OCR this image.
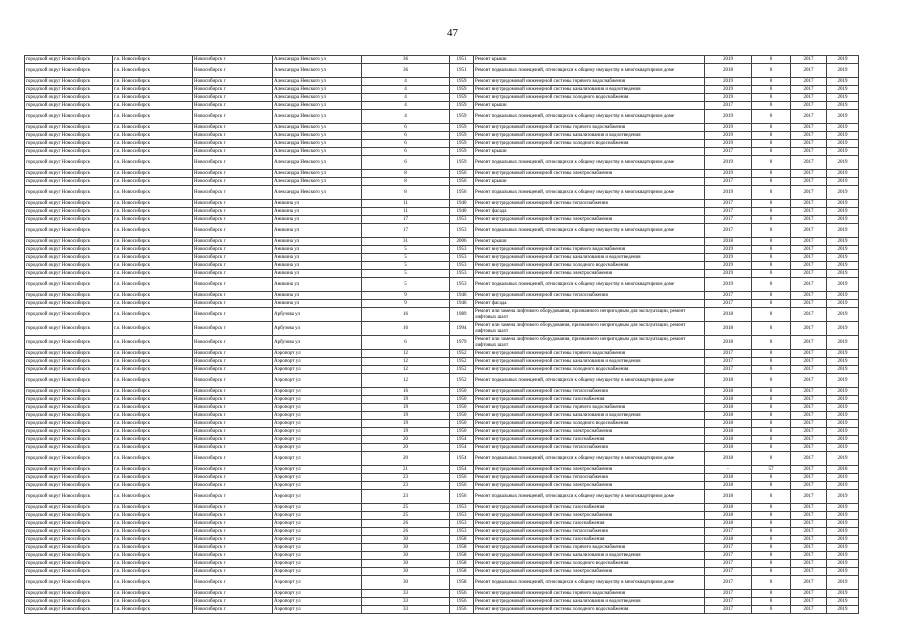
47
городской округ Новосибирск	г.о. Новосибирск	Новосибирск г	Александра Невского ул	36	1951	Ремонт крыши	2019	0	2017	2019
городской округ Новосибирск	г.о. Новосибирск	Новосибирск г	Александра Невского ул	36	1951	Ремонт подвальных помещений, относящихся к общему имуществу в многоквартирном доме	2018	0	2017	2019
городской округ Новосибирск	г.о. Новосибирск	Новосибирск г	Александра Невского ул	4	1959	Ремонт внутридомовой инженерной системы горячего водоснабжения	2019	0	2017	2019
городской округ Новосибирск	г.о. Новосибирск	Новосибирск г	Александра Невского ул	4	1959	Ремонт внутридомовой инженерной системы канализования и водоотведения	2019	0	2017	2019
городской округ Новосибирск	г.о. Новосибирск	Новосибирск г	Александра Невского ул	4	1959	Ремонт внутридомовой инженерной системы холодного водоснабжения	2019	0	2017	2019
городской округ Новосибирск	г.о. Новосибирск	Новосибирск г	Александра Невского ул	4	1959	Ремонт крыши	2017	0	2017	2019
городской округ Новосибирск	г.о. Новосибирск	Новосибирск г	Александра Невского ул	4	1959	Ремонт подвальных помещений, относящихся к общему имуществу в многоквартирном доме	2019	0	2017	2019
городской округ Новосибирск	г.о. Новосибирск	Новосибирск г	Александра Невского ул	6	1959	Ремонт внутридомовой инженерной системы горячего водоснабжения	2019	0	2017	2019
городской округ Новосибирск	г.о. Новосибирск	Новосибирск г	Александра Невского ул	6	1959	Ремонт внутридомовой инженерной системы канализования и водоотведения	2019	0	2017	2019
городской округ Новосибирск	г.о. Новосибирск	Новосибирск г	Александра Невского ул	6	1959	Ремонт внутридомовой инженерной системы холодного водоснабжения	2019	0	2017	2019
городской округ Новосибирск	г.о. Новосибирск	Новосибирск г	Александра Невского ул	6	1959	Ремонт крыши	2017	0	2017	2019
городской округ Новосибирск	г.о. Новосибирск	Новосибирск г	Александра Невского ул	6	1959	Ремонт подвальных помещений, относящихся к общему имуществу в многоквартирном доме	2019	0	2017	2019
городской округ Новосибирск	г.о. Новосибирск	Новосибирск г	Александра Невского ул	8	1956	Ремонт внутридомовой инженерной системы электроснабжения	2019	0	2017	2019
городской округ Новосибирск	г.о. Новосибирск	Новосибирск г	Александра Невского ул	8	1956	Ремонт крыши	2017	0	2017	2019
городской округ Новосибирск	г.о. Новосибирск	Новосибирск г	Александра Невского ул	8	1956	Ремонт подвальных помещений, относящихся к общему имуществу в многоквартирном доме	2019	0	2017	2019
городской округ Новосибирск	г.о. Новосибирск	Новосибирск г	Аникина ул	11	1940	Ремонт внутридомовой инженерной системы теплоснабжения	2017	0	2017	2019
городской округ Новосибирск	г.о. Новосибирск	Новосибирск г	Аникина ул	11	1940	Ремонт фасада	2017	0	2017	2019
городской округ Новосибирск	г.о. Новосибирск	Новосибирск г	Аникина ул	17	1953	Ремонт внутридомовой инженерной системы электроснабжения	2017	0	2017	2019
городской округ Новосибирск	г.о. Новосибирск	Новосибирск г	Аникина ул	17	1953	Ремонт подвальных помещений, относящихся к общему имуществу в многоквартирном доме	2017	0	2017	2019
городской округ Новосибирск	г.о. Новосибирск	Новосибирск г	Аникина ул	31	2006	Ремонт крыши	2018	0	2017	2019
городской округ Новосибирск	г.о. Новосибирск	Новосибирск г	Аникина ул	5	1953	Ремонт внутридомовой инженерной системы горячего водоснабжения	2019	0	2017	2019
городской округ Новосибирск	г.о. Новосибирск	Новосибирск г	Аникина ул	5	1953	Ремонт внутридомовой инженерной системы канализования и водоотведения	2019	0	2017	2019
городской округ Новосибирск	г.о. Новосибирск	Новосибирск г	Аникина ул	5	1953	Ремонт внутридомовой инженерной системы холодного водоснабжения	2019	0	2017	2019
городской округ Новосибирск	г.о. Новосибирск	Новосибирск г	Аникина ул	5	1953	Ремонт внутридомовой инженерной системы электроснабжения	2019	0	2017	2019
городской округ Новосибирск	г.о. Новосибирск	Новосибирск г	Аникина ул	5	1953	Ремонт подвальных помещений, относящихся к общему имуществу в многоквартирном доме	2019	0	2017	2019
городской округ Новосибирск	г.о. Новосибирск	Новосибирск г	Аникина ул	9	1946	Ремонт внутридомовой инженерной системы теплоснабжения	2017	0	2017	2019
городской округ Новосибирск	г.о. Новосибирск	Новосибирск г	Аникина ул	9	1946	Ремонт фасада	2017	0	2017	2019
городской округ Новосибирск	г.о. Новосибирск	Новосибирск г	Арбузова ул	16	1989	Ремонт или замена лифтового оборудования, признанного непригодным для эксплуатации, ремонт лифтовых шахт	2018	0	2017	2019
городской округ Новосибирск	г.о. Новосибирск	Новосибирск г	Арбузова ул	16	1994	Ремонт или замена лифтового оборудования, признанного непригодным для эксплуатации, ремонт лифтовых шахт	2018	0	2017	2019
городской округ Новосибирск	г.о. Новосибирск	Новосибирск г	Арбузова ул	6	1979	Ремонт или замена лифтового оборудования, признанного непригодным для эксплуатации, ремонт лифтовых шахт	2018	0	2017	2019
городской округ Новосибирск	г.о. Новосибирск	Новосибирск г	Аэропорт ул	12	1952	Ремонт внутридомовой инженерной системы горячего водоснабжения	2017	0	2017	2019
городской округ Новосибирск	г.о. Новосибирск	Новосибирск г	Аэропорт ул	12	1952	Ремонт внутридомовой инженерной системы канализования и водоотведения	2017	0	2017	2019
городской округ Новосибирск	г.о. Новосибирск	Новосибирск г	Аэропорт ул	12	1952	Ремонт внутридомовой инженерной системы холодного водоснабжения	2017	0	2017	2019
городской округ Новосибирск	г.о. Новосибирск	Новосибирск г	Аэропорт ул	12	1952	Ремонт подвальных помещений, относящихся к общему имуществу в многоквартирном доме	2018	0	2017	2019
городской округ Новосибирск	г.о. Новосибирск	Новосибирск г	Аэропорт ул	16	1950	Ремонт внутридомовой инженерной системы теплоснабжения	2018	0	2017	2019
городской округ Новосибирск	г.о. Новосибирск	Новосибирск г	Аэропорт ул	19	1950	Ремонт внутридомовой инженерной системы газоснабжения	2018	0	2017	2019
городской округ Новосибирск	г.о. Новосибирск	Новосибирск г	Аэропорт ул	19	1950	Ремонт внутридомовой инженерной системы горячего водоснабжения	2018	0	2017	2019
городской округ Новосибирск	г.о. Новосибирск	Новосибирск г	Аэропорт ул	19	1950	Ремонт внутридомовой инженерной системы канализования и водоотведения	2018	0	2017	2019
городской округ Новосибирск	г.о. Новосибирск	Новосибирск г	Аэропорт ул	19	1950	Ремонт внутридомовой инженерной системы холодного водоснабжения	2018	0	2017	2019
городской округ Новосибирск	г.о. Новосибирск	Новосибирск г	Аэропорт ул	19	1950	Ремонт внутридомовой инженерной системы электроснабжения	2018	0	2017	2019
городской округ Новосибирск	г.о. Новосибирск	Новосибирск г	Аэропорт ул	20	1954	Ремонт внутридомовой инженерной системы газоснабжения	2018	0	2017	2019
городской округ Новосибирск	г.о. Новосибирск	Новосибирск г	Аэропорт ул	20	1954	Ремонт внутридомовой инженерной системы теплоснабжения	2018	0	2017	2019
городской округ Новосибирск	г.о. Новосибирск	Новосибирск г	Аэропорт ул	20	1954	Ремонт подвальных помещений, относящихся к общему имуществу в многоквартирном доме	2018	0	2017	2019
городской округ Новосибирск	г.о. Новосибирск	Новосибирск г	Аэропорт ул	21	1954	Ремонт внутридомовой инженерной системы электроснабжения	-	57	2017	2018
городской округ Новосибирск	г.о. Новосибирск	Новосибирск г	Аэропорт ул	23	1956	Ремонт внутридомовой инженерной системы теплоснабжения	2018	0	2017	2019
городской округ Новосибирск	г.о. Новосибирск	Новосибирск г	Аэропорт ул	23	1956	Ремонт внутридомовой инженерной системы электроснабжения	2018	0	2017	2019
городской округ Новосибирск	г.о. Новосибирск	Новосибирск г	Аэропорт ул	23	1956	Ремонт подвальных помещений, относящихся к общему имуществу в многоквартирном доме	2018	0	2017	2019
городской округ Новосибирск	г.о. Новосибирск	Новосибирск г	Аэропорт ул	25	1953	Ремонт внутридомовой инженерной системы газоснабжения	2018	0	2017	2019
городской округ Новосибирск	г.о. Новосибирск	Новосибирск г	Аэропорт ул	25	1953	Ремонт внутридомовой инженерной системы электроснабжения	2018	0	2017	2019
городской округ Новосибирск	г.о. Новосибирск	Новосибирск г	Аэропорт ул	26	1953	Ремонт внутридомовой инженерной системы газоснабжения	2018	0	2017	2019
городской округ Новосибирск	г.о. Новосибирск	Новосибирск г	Аэропорт ул	26	1953	Ремонт внутридомовой инженерной системы теплоснабжения	2017	0	2017	2019
городской округ Новосибирск	г.о. Новосибирск	Новосибирск г	Аэропорт ул	30	1958	Ремонт внутридомовой инженерной системы газоснабжения	2018	0	2017	2019
городской округ Новосибирск	г.о. Новосибирск	Новосибирск г	Аэропорт ул	30	1958	Ремонт внутридомовой инженерной системы горячего водоснабжения	2017	0	2017	2019
городской округ Новосибирск	г.о. Новосибирск	Новосибирск г	Аэропорт ул	30	1958	Ремонт внутридомовой инженерной системы канализования и водоотведения	2017	0	2017	2019
городской округ Новосибирск	г.о. Новосибирск	Новосибирск г	Аэропорт ул	30	1958	Ремонт внутридомовой инженерной системы холодного водоснабжения	2017	0	2017	2019
городской округ Новосибирск	г.о. Новосибирск	Новосибирск г	Аэропорт ул	30	1958	Ремонт внутридомовой инженерной системы электроснабжения	2017	0	2017	2019
городской округ Новосибирск	г.о. Новосибирск	Новосибирск г	Аэропорт ул	30	1958	Ремонт подвальных помещений, относящихся к общему имуществу в многоквартирном доме	2017	0	2017	2019
городской округ Новосибирск	г.о. Новосибирск	Новосибирск г	Аэропорт ул	33	1956	Ремонт внутридомовой инженерной системы горячего водоснабжения	2017	0	2017	2019
городской округ Новосибирск	г.о. Новосибирск	Новосибирск г	Аэропорт ул	33	1956	Ремонт внутридомовой инженерной системы канализования и водоотведения	2017	0	2017	2019
городской округ Новосибирск	г.о. Новосибирск	Новосибирск г	Аэропорт ул	33	1956	Ремонт внутридомовой инженерной системы холодного водоснабжения	2017	0	2017	2019
